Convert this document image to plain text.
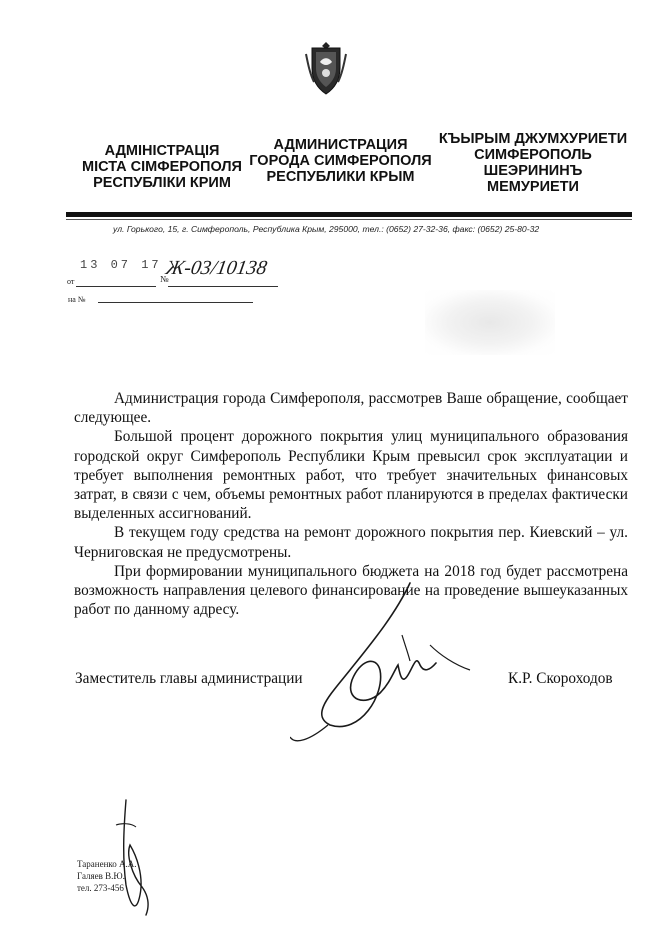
АДМІНІСТРАЦІЯ
МІСТА СІМФЕРОПОЛЯ
РЕСПУБЛІКИ КРИМ
АДМИНИСТРАЦИЯ
ГОРОДА СИМФЕРОПОЛЯ
РЕСПУБЛИКИ КРЫМ
КЪЫРЫМ ДЖУМХУРИЕТИ
СИМФЕРОПОЛЬ
ШЕЭРИНИНЪ
МЕМУРИЕТИ
ул. Горького, 15, г. Симферополь, Республика Крым, 295000, тел.: (0652) 27-32-36, факс: (0652) 25-80-32
от
13 07 17
№
Ж-03/10138
на №

Администрация города Симферополя, рассмотрев Ваше обращение, сообщает следующее.

Большой процент дорожного покрытия улиц муниципального образования городской округ Симферополь Республики Крым превысил срок эксплуатации и требует выполнения ремонтных работ, что требует значительных финансовых затрат, в связи с чем, объемы ремонтных работ планируются в пределах фактически выделенных ассигнований.

В текущем году средства на ремонт дорожного покрытия пер. Киевский – ул. Черниговская не предусмотрены.

При формировании муниципального бюджета на 2018 год будет рассмотрена возможность направления целевого финансирование на проведение вышеуказанных работ по данному адресу.

Заместитель главы администрации	К.Р. Скороходов
Тараненко А.А.
Галяев В.Ю.
тел. 273-456
